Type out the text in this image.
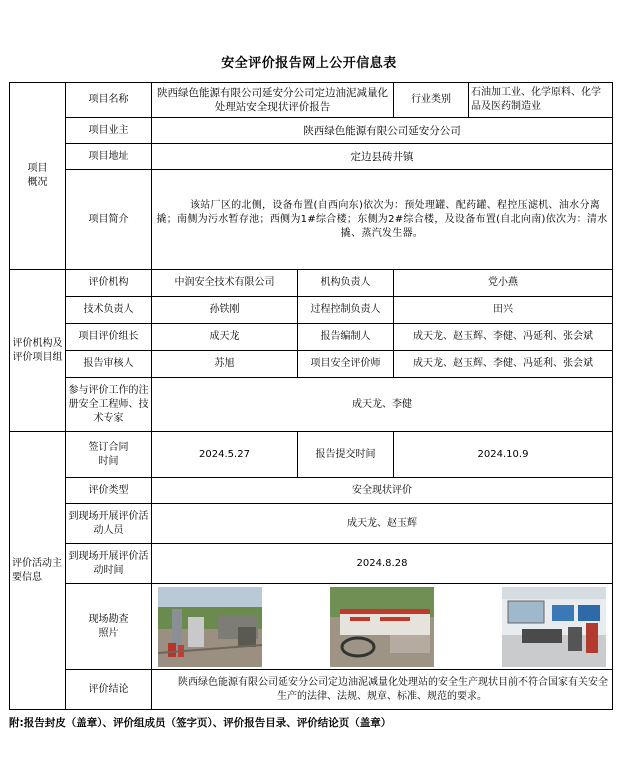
安全评价报告网上公开信息表
项目
概况	项目名称	陕西绿色能源有限公司延安分公司定边油泥减量化处理站安全现状评价报告		行业类别	石油加工业、化学原料、化学品及医药制造业
	项目业主	陕西绿色能源有限公司延安分公司			
	项目地址	定边县砖井镇			
	项目简介	该站厂区的北侧，设备布置(自西向东)依次为：预处理罐、配药罐、程控压滤机、油水分离撬；南侧为污水暂存池；西侧为1#综合楼；东侧为2#综合楼，及设备布置(自北向南)依次为：清水撬、蒸汽发生器。			
评价机构及
评价项目组	评价机构	中润安全技术有限公司	机构负责人	党小燕	
	技术负责人	孙铁刚	过程控制负责人	田兴	
	项目评价组长	成天龙	报告编制人	成天龙、赵玉辉、李健、冯延利、张会斌	
	报告审核人	苏旭	项目安全评价师	成天龙、赵玉辉、李健、冯延利、张会斌	
	参与评价工作的注册安全工程师、技术专家	成天龙、李健			
评价活动主要信息	签订合同
时间	2024.5.27	报告提交时间	2024.10.9	
	评价类型	安全现状评价			
	到现场开展评价活动人员	成天龙、赵玉辉			
	到现场开展评价活动时间	2024.8.28			
	现场勘查
照片	

	评价结论	陕西绿色能源有限公司延安分公司定边油泥减量化处理站的安全生产现状目前不符合国家有关安全生产的法律、法规、规章、标准、规范的要求。			
附:报告封皮（盖章）、评价组成员（签字页）、评价报告目录、评价结论页（盖章）
